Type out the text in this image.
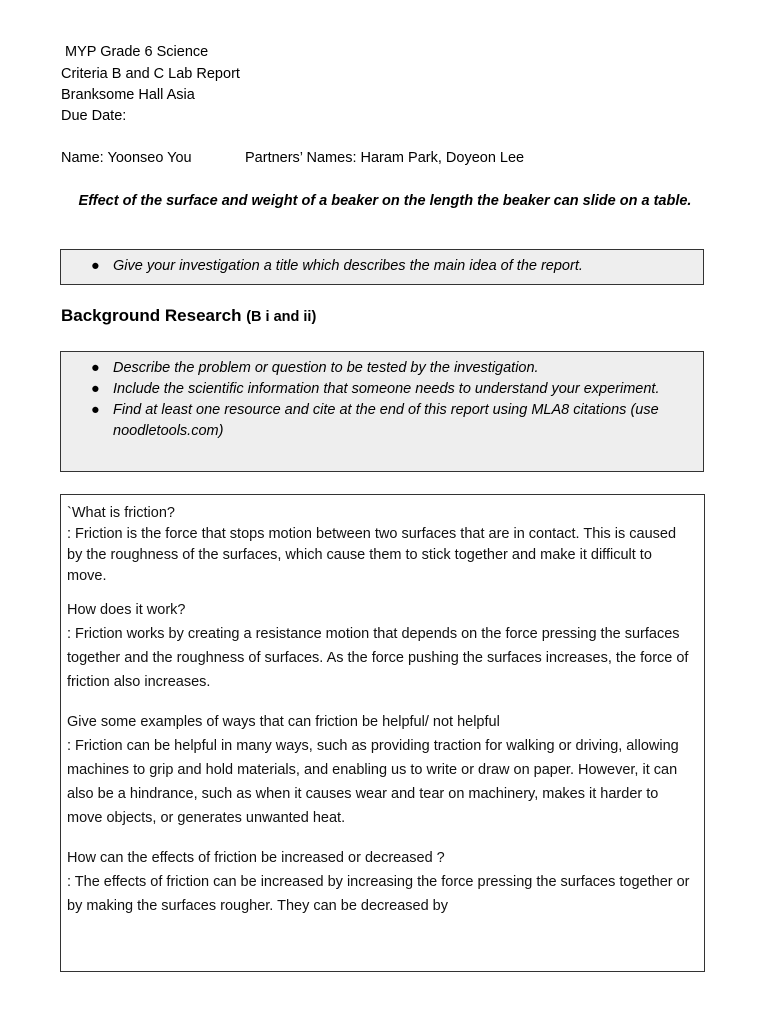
MYP Grade 6 Science
Criteria B and C Lab Report
Branksome Hall Asia
Due Date:
Name: Yoonseo You	Partners’ Names: Haram Park, Doyeon Lee
Effect of the surface and weight of a beaker on the length the beaker can slide on a table.
● Give your investigation a title which describes the main idea of the report.
Background Research (B i and ii)
● Describe the problem or question to be tested by the investigation.
● Include the scientific information that someone needs to understand your experiment.
● Find at least one resource and cite at the end of this report using MLA8 citations (use noodletools.com)

`What is friction?

: Friction is the force that stops motion between two surfaces that are in contact. This is caused by the roughness of the surfaces, which cause them to stick together and make it difficult to move.

How does it work?

: Friction works by creating a resistance motion that depends on the force pressing the surfaces together and the roughness of surfaces. As the force pushing the surfaces increases, the force of friction also increases.

Give some examples of ways that can friction be helpful/ not helpful

: Friction can be helpful in many ways, such as providing traction for walking or driving, allowing machines to grip and hold materials, and enabling us to write or draw on paper. However, it can also be a hindrance, such as when it causes wear and tear on machinery, makes it harder to move objects, or generates unwanted heat.

How can the effects of friction be increased or decreased ?

: The effects of friction can be increased by increasing the force pressing the surfaces together or by making the surfaces rougher. They can be decreased by
